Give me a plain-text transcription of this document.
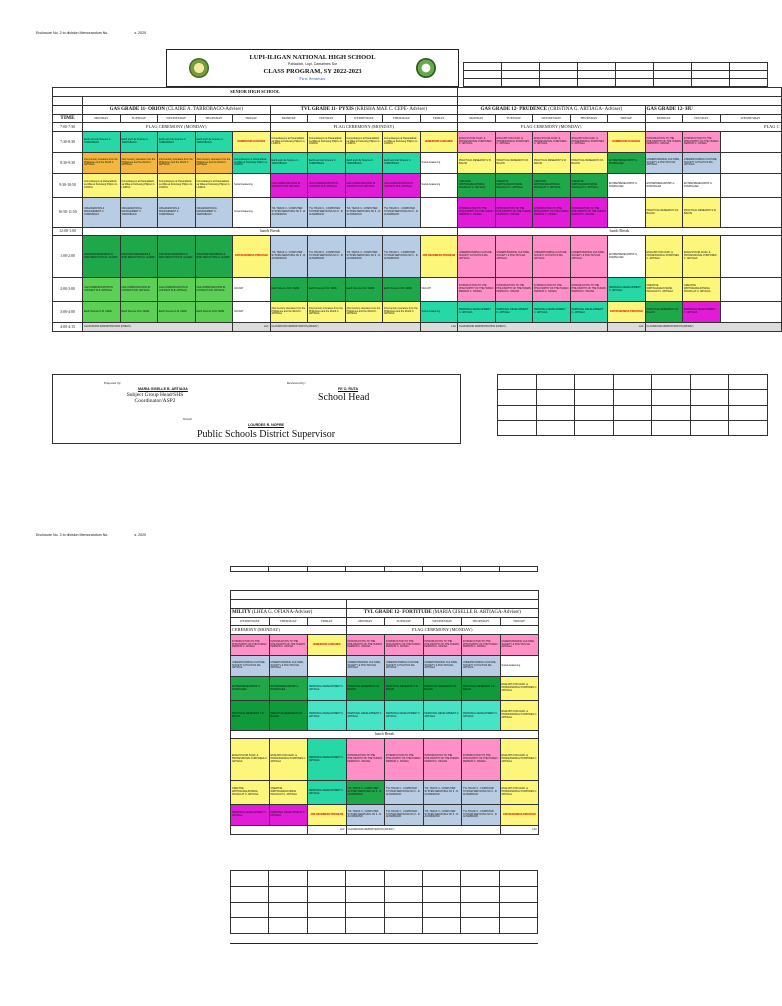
Enclosure No. 2 to division Memorandum No.	s. 2020
LUPI-ILIGAN NATIONAL HIGH SCHOOL
Poblacion, Lupi, Camarines Sur
CLASS PROGRAM, SY 2022-2023
First Semester

SENIOR HIGH SCHOOL																		

	GAS GRADE 11- ORION (CLAIRE A. TARROBAGO-Adviser)					TVL GRADE 11- PYXIS (KRISHA MAE C. CEPE- Adviser)					GAS GRADE 12- PRUDENCE (CRISTINA G. ARTIAGA- Adviser)					GAS GRADE 12- HU		
TIME	MONDAY	TUESDAY	WEDNESDAY	THURSDAY	FRIDAY	MONDAY	TUESDAY	WEDNESDAY	THURSDAY	FRIDAY	MONDAY	TUESDAY	WEDNESDAY	THURSDAY	FRIDAY	MONDAY	TUESDAY	WEDNESDAY
7:00-7:30	FLAG CEREMONY (MONDAY)					FLAG CEREMONY (MONDAY)					FLAG CEREMONY (MONDAY)					FLAG C		
7:30-8:30	Earth and Life Science C. TARROBAGO	Earth and Life Science C. TARROBAGO	Earth and Life Science C. TARROBAGO	Earth and Life Science C. TARROBAGO	HOMEROOM GUIDANCE	Komunikasyon at Pananaliksik sa Wika at Kulturang Pilipino G. LORICA	Komunikasyon at Pananaliksik sa Wika at Kulturang Pilipino G. LORICA	Komunikasyon at Pananaliksik sa Wika at Kulturang Pilipino G. LORICA	Komunikasyon at Pananaliksik sa Wika at Kulturang Pilipino G. LORICA	HOMEROOM GUIDANCE	ENGLISH FOR ACAD. & PROFESSIONAL PURPOSES C. ARTIAGA	ENGLISH FOR ACAD. & PROFESSIONAL PURPOSES C. ARTIAGA	ENGLISH FOR ACAD. & PROFESSIONAL PURPOSES C. ARTIAGA	ENGLISH FOR ACAD. & PROFESSIONAL PURPOSES C. ARTIAGA	HOMEROOM GUIDANCE	INTRODUCTION TO THE PHILOSOPHY OF THE HUMAN PERSON C. OFIANA	INTRODUCTION TO THE PHILOSOPHY OF THE HUMAN PERSON C. OFIANA	
8:30-9:30	21st Century Literature from the Philippines and the World C. ARTIAGA	21st Century Literature from the Philippines and the World C. ARTIAGA	21st Century Literature from the Philippines and the World C. ARTIAGA	21st Century Literature from the Philippines and the World C. ARTIAGA	Komunikasyon at Pananaliksik sa Wika at Kulturang Pilipino G. LORICA	Earth and Life Science C. TARROBAGO	Earth and Life Science C. TARROBAGO	Earth and Life Science C. TARROBAGO	Earth and Life Science C. TARROBAGO	Social Awakening	PRACTICAL RESEARCH 2 R. BALON	PRACTICAL RESEARCH 2 R. BALON	PRACTICAL RESEARCH 2 R. BALON	PRACTICAL RESEARCH 2 R. BALON	ENTREPRENEURSHIP G. DOMINGUEZ	UNDERSTANDING CULTURE, SOCIETY & POLITICS MA. ARTIAGA	UNDERSTANDING CULTURE, SOCIETY & POLITICS MA. ARTIAGA	
9:30-10:50	Komunikasyon at Pananaliksik sa Wika at Kulturang Pilipino G. LORICA	Komunikasyon at Pananaliksik sa Wika at Kulturang Pilipino G. LORICA	Komunikasyon at Pananaliksik sa Wika at Kulturang Pilipino G. LORICA	Komunikasyon at Pananaliksik sa Wika at Kulturang Pilipino G. LORICA	Social Awakening	Oral COMMUNICATION IN CONTEXT M.B. ARTIAGA	Oral COMMUNICATION IN CONTEXT M.B. ARTIAGA	Oral COMMUNICATION IN CONTEXT M.B. ARTIAGA	Oral COMMUNICATION IN CONTEXT M.B. ARTIAGA	Social Awakening	CREATIVE WRITING/MALIKHAING PAGSULAT C. ARTIAGA	CREATIVE WRITING/MALIKHAING PAGSULAT C. ARTIAGA	CREATIVE WRITING/MALIKHAING PAGSULAT C. ARTIAGA	CREATIVE WRITING/MALIKHAING PAGSULAT C. ARTIAGA	ENTREPRENEURSHIP G. DOMINGUEZ	ENTREPRENEURSHIP G. DOMINGUEZ	ENTREPRENEURSHIP G. DOMINGUEZ	
10:50-11:50	ORGANIZATION & MANAGEMENT C. TARROBAGO	ORGANIZATION & MANAGEMENT C. TARROBAGO	ORGANIZATION & MANAGEMENT C. TARROBAGO	ORGANIZATION & MANAGEMENT C. TARROBAGO	Social Awakening	TVL TRACK II - COMPUTER SYSTEM SERVICING NC II - R. ALTAMIRANO	TVL TRACK II - COMPUTER SYSTEM SERVICING NC II - R. ALTAMIRANO	TVL TRACK II - COMPUTER SYSTEM SERVICING NC II - R. ALTAMIRANO	TVL TRACK II - COMPUTER SYSTEM SERVICING NC II - R. ALTAMIRANO		INTRODUCTION TO THE PHILOSOPHY OF THE HUMAN PERSON C. OFIANA	INTRODUCTION TO THE PHILOSOPHY OF THE HUMAN PERSON C. OFIANA	INTRODUCTION TO THE PHILOSOPHY OF THE HUMAN PERSON C. OFIANA	INTRODUCTION TO THE PHILOSOPHY OF THE HUMAN PERSON C. OFIANA		PRACTICAL RESEARCH 2 R. BALON	PRACTICAL RESEARCH 2 R. BALON	
12:00-1:00	lunch Break										lunch Break							
1:00-2:00	DISASTER READINESS & RISK REDUCTION M. GUAMO	DISASTER READINESS & RISK REDUCTION M. GUAMO	DISASTER READINESS & RISK REDUCTION M. GUAMO	DISASTER READINESS & RISK REDUCTION M. GUAMO	JOB READINESS PROGRAM	TVL TRACK II - COMPUTER SYSTEM SERVICING NC II - R. ALTAMIRANO	TVL TRACK II - COMPUTER SYSTEM SERVICING NC II - R. ALTAMIRANO	TVL TRACK II - COMPUTER SYSTEM SERVICING NC II - R. ALTAMIRANO	TVL TRACK II - COMPUTER SYSTEM SERVICING NC II - R. ALTAMIRANO	JOB READINESS PROGRAM	UNDERSTANDING CULTURE, SOCIETY & POLITICS MA. ARTIAGA	UNDERSTANDING CULTURE, SOCIETY & POLITICS MA. ARTIAGA	UNDERSTANDING CULTURE, SOCIETY & POLITICS MA. ARTIAGA	UNDERSTANDING CULTURE, SOCIETY & POLITICS MA. ARTIAGA	ENTREPRENEURSHIP G. DOMINGUEZ	ENGLISH FOR ACAD. & PROFESSIONAL PURPOSES C. ARTIAGA	ENGLISH FOR ACAD. & PROFESSIONAL PURPOSES C. ARTIAGA	
2:00-3:00	Oral COMMUNICATION IN CONTEXT M.B. ARTIAGA	Oral COMMUNICATION IN CONTEXT M.B. ARTIAGA	Oral COMMUNICATION IN CONTEXT M.B. ARTIAGA	Oral COMMUNICATION IN CONTEXT M.B. ARTIAGA	VACANT	Earth Science N.M. CEPE	Earth Science N.M. CEPE	Earth Science N.M. CEPE	Earth Science N.M. CEPE	VACANT	INTRODUCTION TO THE PHILOSOPHY OF THE HUMAN PERSON C. OFIANA	INTRODUCTION TO THE PHILOSOPHY OF THE HUMAN PERSON C. OFIANA	INTRODUCTION TO THE PHILOSOPHY OF THE HUMAN PERSON C. OFIANA	INTRODUCTION TO THE PHILOSOPHY OF THE HUMAN PERSON C. OFIANA	PERSONAL DEVELOPMENT C. ARTIAGA	CREATIVE WRITING/MALIKHAING PAGSULAT C. ARTIAGA	CREATIVE WRITING/MALIKHAING PAGSULAT C. ARTIAGA	
3:00-4:00	Earth Science N.M. CEPE	Earth Science N.M. CEPE	Earth Science N.M. CEPE	Earth Science N.M. CEPE	VACANT	21st Century Literature from the Philippines and the World C. ARTIAGA	21st Century Literature from the Philippines and the World C. ARTIAGA	21st Century Literature from the Philippines and the World C. ARTIAGA	21st Century Literature from the Philippines and the World C. ARTIAGA	Social Awakening	PERSONAL DEVELOPMENT C. ARTIAGA	PERSONAL DEVELOPMENT C. ARTIAGA	PERSONAL DEVELOPMENT C. ARTIAGA	PERSONAL DEVELOPMENT C. ARTIAGA	JOB READINESS PROGRAM	PRACTICAL RESEARCH 2 R. BALON	PERSONAL DEVELOPMENT C. ARTIAGA	
4:00-4:15	CLASSROOM ADMINISTRATION (FRIDAY)				LAC	CLASSROOM ADMINISTRATION (FRIDAY)				LAC	CLASSROOM ADMINISTRATION (FRIDAY)				LAC	CLASSROOM ADMINISTRATION (FRIDAY)		

Prepared by:
MARIA GISELLE B. ARTIAGA
Subject Group Head/SHS Coordinator/ASP2
Reviewed by:
FE O. RUTA
School Head
Noted:
LOURDES R. NOPRE
Public Schools District Supervisor

Enclosure No. 2 to division Memorandum No.	s. 2020

MILITY (LHEA G. OFIANA-Adviser)			TVL GRADE 12- FORTITUDE (MARIA GISELLE B. ARTIAGA-Adviser)				
WEDNESDAY	THURSDAY	FRIDAY	MONDAY	TUESDAY	WEDNESDAY	THURSDAY	FRIDAY
CEREMONY (MONDAY)			FLAG CEREMONY (MONDAY)				
INTRODUCTION TO THE PHILOSOPHY OF THE HUMAN PERSON C. OFIANA	INTRODUCTION TO THE PHILOSOPHY OF THE HUMAN PERSON C. OFIANA	HOMEROOM GUIDANCE	INTRODUCTION TO THE PHILOSOPHY OF THE HUMAN PERSON C. OFIANA	INTRODUCTION TO THE PHILOSOPHY OF THE HUMAN PERSON C. OFIANA	INTRODUCTION TO THE PHILOSOPHY OF THE HUMAN PERSON C. OFIANA	INTRODUCTION TO THE PHILOSOPHY OF THE HUMAN PERSON C. OFIANA	UNDERSTANDING CULTURE, SOCIETY & POLITICS MA. ARTIAGA
UNDERSTANDING CULTURE, SOCIETY & POLITICS MA. ARTIAGA	UNDERSTANDING CULTURE, SOCIETY & POLITICS MA. ARTIAGA		UNDERSTANDING CULTURE, SOCIETY & POLITICS MA. ARTIAGA	UNDERSTANDING CULTURE, SOCIETY & POLITICS MA. ARTIAGA	UNDERSTANDING CULTURE, SOCIETY & POLITICS MA. ARTIAGA	UNDERSTANDING CULTURE, SOCIETY & POLITICS MA. ARTIAGA	Social Awakening
ENTREPRENEURSHIP G. DOMINGUEZ	ENTREPRENEURSHIP G. DOMINGUEZ	PERSONAL DEVELOPMENT C. ARTIAGA	PRACTICAL RESEARCH 2 R. BALON	PRACTICAL RESEARCH 2 R. BALON	PRACTICAL RESEARCH 2 R. BALON	PRACTICAL RESEARCH 2 R. BALON	ENGLISH FOR ACAD. & PROFESSIONAL PURPOSES C. ARTIAGA
PRACTICAL RESEARCH 2 R. BALON	PRACTICAL RESEARCH 2 R. BALON	PERSONAL DEVELOPMENT C. ARTIAGA	PERSONAL DEVELOPMENT C. ARTIAGA	PERSONAL DEVELOPMENT C. ARTIAGA	PERSONAL DEVELOPMENT C. ARTIAGA	PERSONAL DEVELOPMENT C. ARTIAGA	ENGLISH FOR ACAD. & PROFESSIONAL PURPOSES C. ARTIAGA
lunch Break							
ENGLISH FOR ACAD. & PROFESSIONAL PURPOSES C. ARTIAGA	ENGLISH FOR ACAD. & PROFESSIONAL PURPOSES C. ARTIAGA	PERSONAL DEVELOPMENT C. ARTIAGA	INTRODUCTION TO THE PHILOSOPHY OF THE HUMAN PERSON C. OFIANA	INTRODUCTION TO THE PHILOSOPHY OF THE HUMAN PERSON C. OFIANA	INTRODUCTION TO THE PHILOSOPHY OF THE HUMAN PERSON C. OFIANA	INTRODUCTION TO THE PHILOSOPHY OF THE HUMAN PERSON C. OFIANA	ENGLISH FOR ACAD. & PROFESSIONAL PURPOSES C. ARTIAGA
CREATIVE WRITING/MALIKHAING PAGSULAT C. ARTIAGA	CREATIVE WRITING/MALIKHAING PAGSULAT C. ARTIAGA	PERSONAL DEVELOPMENT C. ARTIAGA	TVL TRACK II - COMPUTER SYSTEM SERVICING NC II - R. ALTAMIRANO	TVL TRACK II - COMPUTER SYSTEM SERVICING NC II - R. ALTAMIRANO	TVL TRACK II - COMPUTER SYSTEM SERVICING NC II - R. ALTAMIRANO	TVL TRACK II - COMPUTER SYSTEM SERVICING NC II - R. ALTAMIRANO	ENGLISH FOR ACAD. & PROFESSIONAL PURPOSES C. ARTIAGA
PERSONAL DEVELOPMENT C. ARTIAGA	PERSONAL DEVELOPMENT C. ARTIAGA	JOB READINESS PROGRAM	TVL TRACK II - COMPUTER SYSTEM SERVICING NC II - R. ALTAMIRANO	TVL TRACK II - COMPUTER SYSTEM SERVICING NC II - R. ALTAMIRANO	TVL TRACK II - COMPUTER SYSTEM SERVICING NC II - R. ALTAMIRANO	TVL TRACK II - COMPUTER SYSTEM SERVICING NC II - R. ALTAMIRANO	JOB READINESS PROGRAM
		LAC	CLASSROOM ADMINISTRATION (FRIDAY)				LAC
